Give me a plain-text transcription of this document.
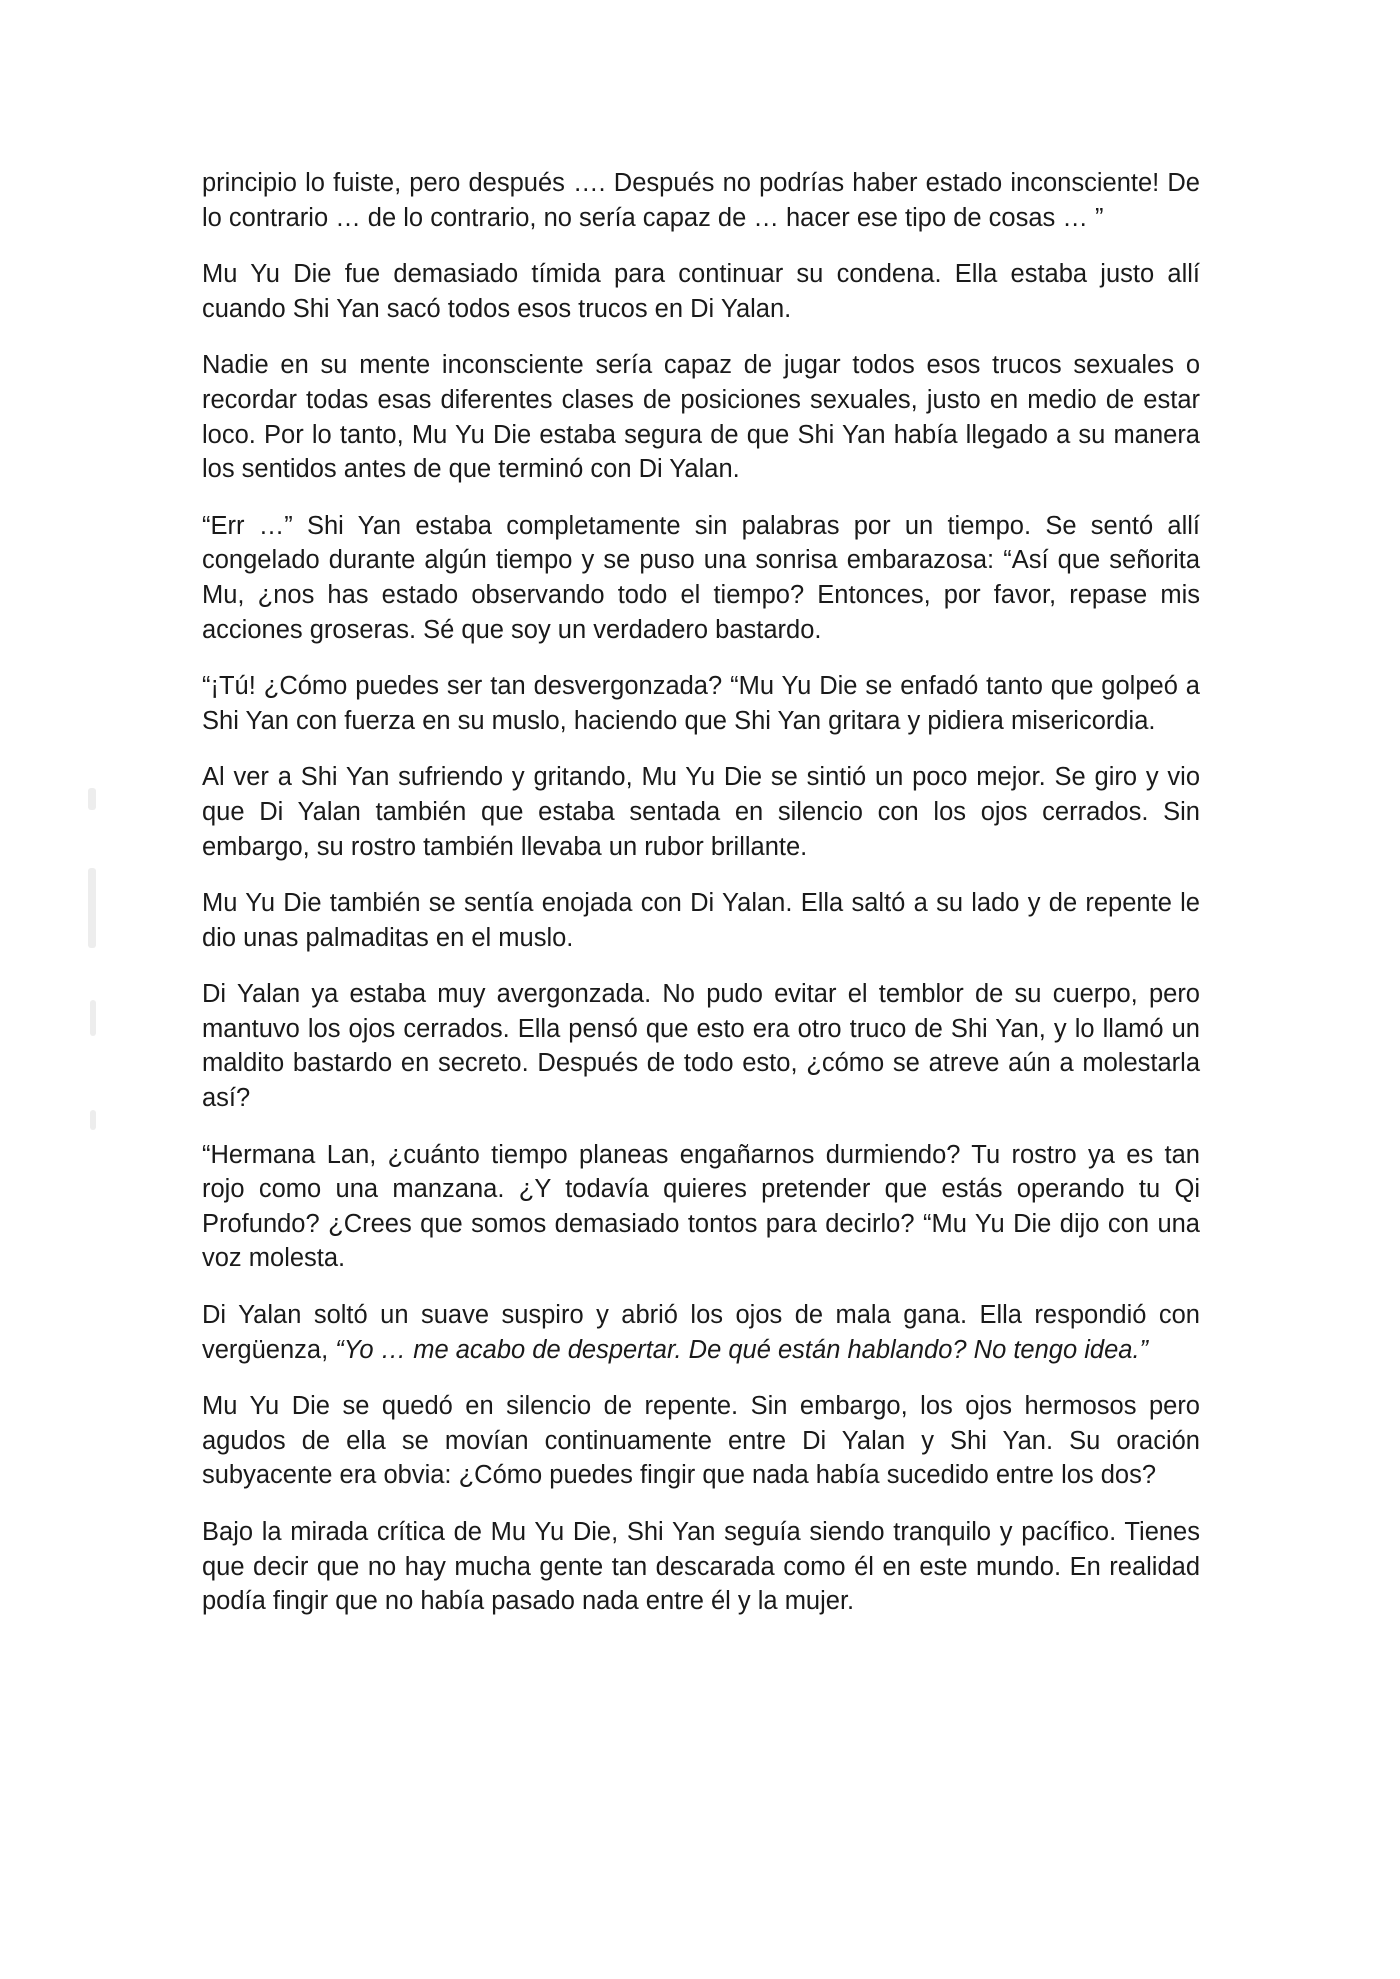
principio lo fuiste, pero después …. Después no podrías haber estado inconsciente! De lo contrario … de lo contrario, no sería capaz de … hacer ese tipo de cosas … ”

Mu Yu Die fue demasiado tímida para continuar su condena. Ella estaba justo allí cuando Shi Yan sacó todos esos trucos en Di Yalan.

Nadie en su mente inconsciente sería capaz de jugar todos esos trucos sexuales o recordar todas esas diferentes clases de posiciones sexuales, justo en medio de estar loco. Por lo tanto, Mu Yu Die estaba segura de que Shi Yan había llegado a su manera los sentidos antes de que terminó con Di Yalan.

“Err …” Shi Yan estaba completamente sin palabras por un tiempo. Se sentó allí congelado durante algún tiempo y se puso una sonrisa embarazosa: “Así que señorita Mu, ¿nos has estado observando todo el tiempo? Entonces, por favor, repase mis acciones groseras. Sé que soy un verdadero bastardo.

“¡Tú! ¿Cómo puedes ser tan desvergonzada? “Mu Yu Die se enfadó tanto que golpeó a Shi Yan con fuerza en su muslo, haciendo que Shi Yan gritara y pidiera misericordia.

Al ver a Shi Yan sufriendo y gritando, Mu Yu Die se sintió un poco mejor. Se giro y vio que Di Yalan también que estaba sentada en silencio con los ojos cerrados. Sin embargo, su rostro también llevaba un rubor brillante.

Mu Yu Die también se sentía enojada con Di Yalan. Ella saltó a su lado y de repente le dio unas palmaditas en el muslo.

Di Yalan ya estaba muy avergonzada. No pudo evitar el temblor de su cuerpo, pero mantuvo los ojos cerrados. Ella pensó que esto era otro truco de Shi Yan, y lo llamó un maldito bastardo en secreto. Después de todo esto, ¿cómo se atreve aún a molestarla así?

“Hermana Lan, ¿cuánto tiempo planeas engañarnos durmiendo? Tu rostro ya es tan rojo como una manzana. ¿Y todavía quieres pretender que estás operando tu Qi Profundo? ¿Crees que somos demasiado tontos para decirlo? “Mu Yu Die dijo con una voz molesta.

Di Yalan soltó un suave suspiro y abrió los ojos de mala gana. Ella respondió con vergüenza, “Yo … me acabo de despertar. De qué están hablando? No tengo idea.”

Mu Yu Die se quedó en silencio de repente. Sin embargo, los ojos hermosos pero agudos de ella se movían continuamente entre Di Yalan y Shi Yan. Su oración subyacente era obvia: ¿Cómo puedes fingir que nada había sucedido entre los dos?

Bajo la mirada crítica de Mu Yu Die, Shi Yan seguía siendo tranquilo y pacífico. Tienes que decir que no hay mucha gente tan descarada como él en este mundo. En realidad podía fingir que no había pasado nada entre él y la mujer.
